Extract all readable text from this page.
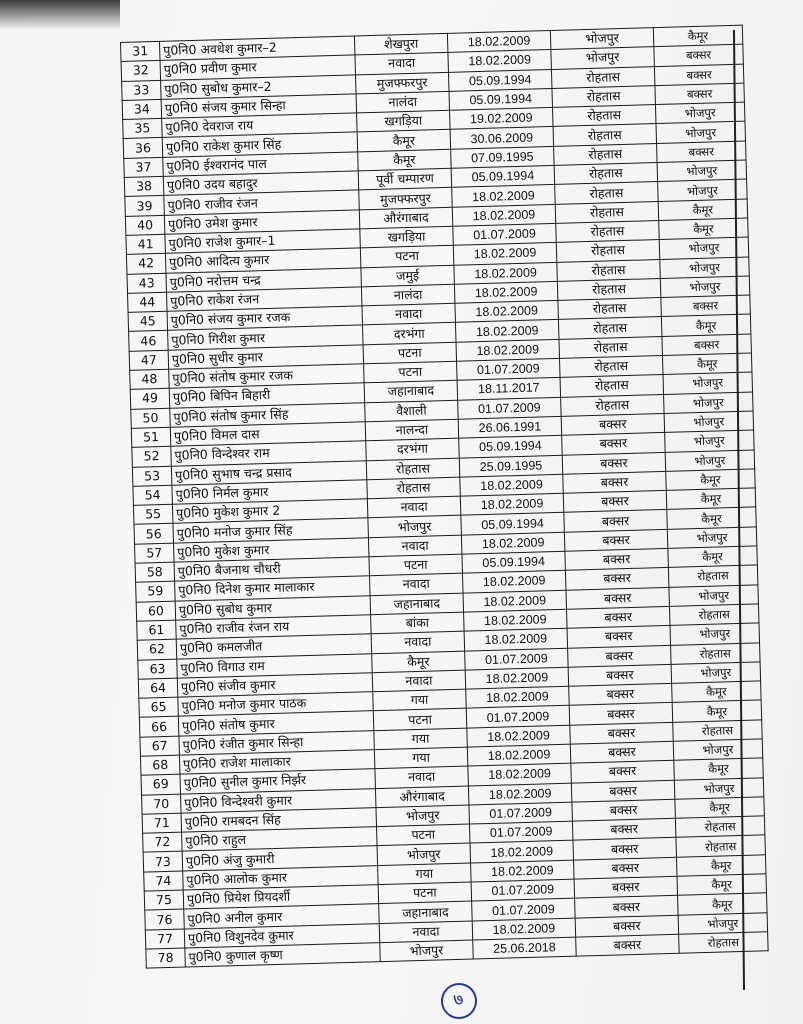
31	पु0नि0 अवधेश कुमार–2	शेखपुरा	18.02.2009	भोजपुर	कैमूर
32	पु0नि0 प्रवीण कुमार	नवादा	18.02.2009	भोजपुर	बक्सर
33	पु0नि0 सुबोध कुमार–2	मुजफ्फरपुर	05.09.1994	रोहतास	बक्सर
34	पु0नि0 संजय कुमार सिन्हा	नालंदा	05.09.1994	रोहतास	बक्सर
35	पु0नि0 देवराज राय	खगड़िया	19.02.2009	रोहतास	भोजपुर
36	पु0नि0 राकेश कुमार सिंह	कैमूर	30.06.2009	रोहतास	भोजपुर
37	पु0नि0 ईश्वरानंद पाल	कैमूर	07.09.1995	रोहतास	बक्सर
38	पु0नि0 उदय बहादुर	पूर्वी चम्पारण	05.09.1994	रोहतास	भोजपुर
39	पु0नि0 राजीव रंजन	मुजफ्फरपुर	18.02.2009	रोहतास	भोजपुर
40	पु0नि0 उमेश कुमार	औरंगाबाद	18.02.2009	रोहतास	कैमूर
41	पु0नि0 राजेश कुमार–1	खगड़िया	01.07.2009	रोहतास	कैमूर
42	पु0नि0 आदित्य कुमार	पटना	18.02.2009	रोहतास	भोजपुर
43	पु0नि0 नरोत्तम चन्द्र	जमुई	18.02.2009	रोहतास	भोजपुर
44	पु0नि0 राकेश रंजन	नालंदा	18.02.2009	रोहतास	भोजपुर
45	पु0नि0 संजय कुमार रजक	नवादा	18.02.2009	रोहतास	बक्सर
46	पु0नि0 गिरीश कुमार	दरभंगा	18.02.2009	रोहतास	कैमूर
47	पु0नि0 सुधीर कुमार	पटना	18.02.2009	रोहतास	बक्सर
48	पु0नि0 संतोष कुमार रजक	पटना	01.07.2009	रोहतास	कैमूर
49	पु0नि0 बिपिन बिहारी	जहानाबाद	18.11.2017	रोहतास	भोजपुर
50	पु0नि0 संतोष कुमार सिंह	वैशाली	01.07.2009	रोहतास	भोजपुर
51	पु0नि0 विमल दास	नालन्दा	26.06.1991	बक्सर	भोजपुर
52	पु0नि0 विन्देश्वर राम	दरभंगा	05.09.1994	बक्सर	भोजपुर
53	पु0नि0 सुभाष चन्द्र प्रसाद	रोहतास	25.09.1995	बक्सर	भोजपुर
54	पु0नि0 निर्मल कुमार	रोहतास	18.02.2009	बक्सर	कैमूर
55	पु0नि0 मुकेश कुमार 2	नवादा	18.02.2009	बक्सर	कैमूर
56	पु0नि0 मनोज कुमार सिंह	भोजपुर	05.09.1994	बक्सर	कैमूर
57	पु0नि0 मुकेश कुमार	नवादा	18.02.2009	बक्सर	भोजपुर
58	पु0नि0 बैजनाथ चौधरी	पटना	05.09.1994	बक्सर	कैमूर
59	पु0नि0 दिनेश कुमार मालाकार	नवादा	18.02.2009	बक्सर	रोहतास
60	पु0नि0 सुबोध कुमार	जहानाबाद	18.02.2009	बक्सर	भोजपुर
61	पु0नि0 राजीव रंजन राय	बांका	18.02.2009	बक्सर	रोहतास
62	पु0नि0 कमलजीत	नवादा	18.02.2009	बक्सर	भोजपुर
63	पु0नि0 विगाउ राम	कैमूर	01.07.2009	बक्सर	रोहतास
64	पु0नि0 संजीव कुमार	नवादा	18.02.2009	बक्सर	भोजपुर
65	पु0नि0 मनोज कुमार पाठक	गया	18.02.2009	बक्सर	कैमूर
66	पु0नि0 संतोष कुमार	पटना	01.07.2009	बक्सर	कैमूर
67	पु0नि0 रंजीत कुमार सिन्हा	गया	18.02.2009	बक्सर	रोहतास
68	पु0नि0 राजेश मालाकार	गया	18.02.2009	बक्सर	भोजपुर
69	पु0नि0 सुनील कुमार निर्झर	नवादा	18.02.2009	बक्सर	कैमूर
70	पु0नि0 विन्देश्वरी कुमार	औरंगाबाद	18.02.2009	बक्सर	भोजपुर
71	पु0नि0 रामबदन सिंह	भोजपुर	01.07.2009	बक्सर	कैमूर
72	पु0नि0 राहुल	पटना	01.07.2009	बक्सर	रोहतास
73	पु0नि0 अंजु कुमारी	भोजपुर	18.02.2009	बक्सर	रोहतास
74	पु0नि0 आलोक कुमार	गया	18.02.2009	बक्सर	कैमूर
75	पु0नि0 प्रियेश प्रियदर्शी	पटना	01.07.2009	बक्सर	कैमूर
76	पु0नि0 अनील कुमार	जहानाबाद	01.07.2009	बक्सर	कैमूर
77	पु0नि0 विशुनदेव कुमार	नवादा	18.02.2009	बक्सर	भोजपुर
78	पु0नि0 कुणाल कृष्ण	भोजपुर	25.06.2018	बक्सर	रोहतास
७
